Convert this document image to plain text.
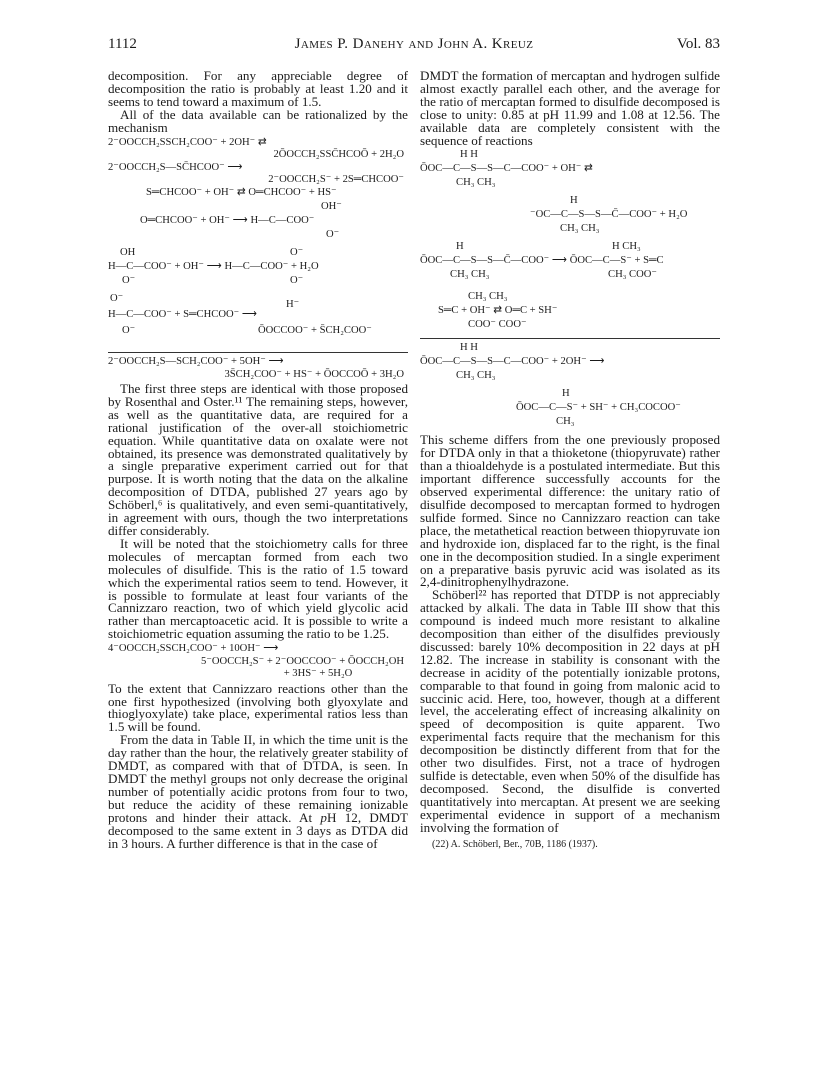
1112	James P. Danehy and John A. Kreuz	Vol. 83

decomposition. For any appreciable degree of decomposition the ratio is probably at least 1.20 and it seems to tend toward a maximum of 1.5.

All of the data available can be rationalized by the mechanism

2⁻OOCCH₂SSCH₂COO⁻ + 2OH⁻ ⇄
2ŌOCCH₂SSC̄HCOŌ + 2H₂O
2⁻OOCCH₂S—SC̄HCOO⁻ ⟶
2⁻OOCCH₂S⁻ + 2S═CHCOO⁻
S═CHCOO⁻ + OH⁻ ⇄ O═CHCOO⁻ + HS⁻
OH⁻
O═CHCOO⁻ + OH⁻ ⟶ H—C—COO⁻
O⁻
OH	O⁻
H—C—COO⁻ + OH⁻ ⟶ H—C—COO⁻ + H₂O
O⁻	O⁻
O⁻
H⁻
H—C—COO⁻ + S═CHCOO⁻ ⟶
O⁻	ŌOCCOO⁻ + S̄CH₂COO⁻
2⁻OOCCH₂S—SCH₂COO⁻ + 5OH⁻ ⟶
3S̄CH₂COO⁻ + HS⁻ + ŌOCCOŌ + 3H₂O

The first three steps are identical with those proposed by Rosenthal and Oster.¹¹ The remaining steps, however, as well as the quantitative data, are required for a rational justification of the over-all stoichiometric equation. While quantitative data on oxalate were not obtained, its presence was demonstrated qualitatively by a single preparative experiment carried out for that purpose. It is worth noting that the data on the alkaline decomposition of DTDA, published 27 years ago by Schöberl,⁶ is qualitatively, and even semi-quantitatively, in agreement with ours, though the two interpretations differ considerably.

It will be noted that the stoichiometry calls for three molecules of mercaptan formed from each two molecules of disulfide. This is the ratio of 1.5 toward which the experimental ratios seem to tend. However, it is possible to formulate at least four variants of the Cannizzaro reaction, two of which yield glycolic acid rather than mercaptoacetic acid. It is possible to write a stoichiometric equation assuming the ratio to be 1.25.

4⁻OOCCH₂SSCH₂COO⁻ + 10OH⁻ ⟶
5⁻OOCCH₂S⁻ + 2⁻OOCCOO⁻ + ŌOCCH₂OH
+ 3HS⁻ + 5H₂O

To the extent that Cannizzaro reactions other than the one first hypothesized (involving both glyoxylate and thioglyoxylate) take place, experimental ratios less than 1.5 will be found.

From the data in Table II, in which the time unit is the day rather than the hour, the relatively greater stability of DMDT, as compared with that of DTDA, is seen. In DMDT the methyl groups not only decrease the original number of potentially acidic protons from four to two, but reduce the acidity of these remaining ionizable protons and hinder their attack. At pH 12, DMDT decomposed to the same extent in 3 days as DTDA did in 3 hours. A further difference is that in the case of

DMDT the formation of mercaptan and hydrogen sulfide almost exactly parallel each other, and the average for the ratio of mercaptan formed to disulfide decomposed is close to unity: 0.85 at pH 11.99 and 1.08 at 12.56. The available data are completely consistent with the sequence of reactions

H H
ŌOC—C—S—S—C—COO⁻ + OH⁻ ⇄
CH₃ CH₃
H
⁻OC—C—S—S—C̄—COO⁻ + H₂O
CH₃ CH₃
H	H CH₃
ŌOC—C—S—S—C̄—COO⁻ ⟶ ŌOC—C—S⁻ + S═C
CH₃ CH₃	CH₃ COO⁻
CH₃ CH₃
S═C + OH⁻ ⇄ O═C + SH⁻
COO⁻ COO⁻
H H
ŌOC—C—S—S—C—COO⁻ + 2OH⁻ ⟶
CH₃ CH₃
H
ŌOC—C—S⁻ + SH⁻ + CH₃COCOO⁻
CH₃

This scheme differs from the one previously proposed for DTDA only in that a thioketone (thiopyruvate) rather than a thioaldehyde is a postulated intermediate. But this important difference successfully accounts for the observed experimental difference: the unitary ratio of disulfide decomposed to mercaptan formed to hydrogen sulfide formed. Since no Cannizzaro reaction can take place, the metathetical reaction between thiopyruvate ion and hydroxide ion, displaced far to the right, is the final one in the decomposition studied. In a single experiment on a preparative basis pyruvic acid was isolated as its 2,4-dinitrophenylhydrazone.

Schöberl²² has reported that DTDP is not appreciably attacked by alkali. The data in Table III show that this compound is indeed much more resistant to alkaline decomposition than either of the disulfides previously discussed: barely 10% decomposition in 22 days at pH 12.82. The increase in stability is consonant with the decrease in acidity of the potentially ionizable protons, comparable to that found in going from malonic acid to succinic acid. Here, too, however, though at a different level, the accelerating effect of increasing alkalinity on speed of decomposition is quite apparent. Two experimental facts require that the mechanism for this decomposition be distinctly different from that for the other two disulfides. First, not a trace of hydrogen sulfide is detectable, even when 50% of the disulfide has decomposed. Second, the disulfide is converted quantitatively into mercaptan. At present we are seeking experimental evidence in support of a mechanism involving the formation of

(22) A. Schöberl, Ber., 70B, 1186 (1937).
